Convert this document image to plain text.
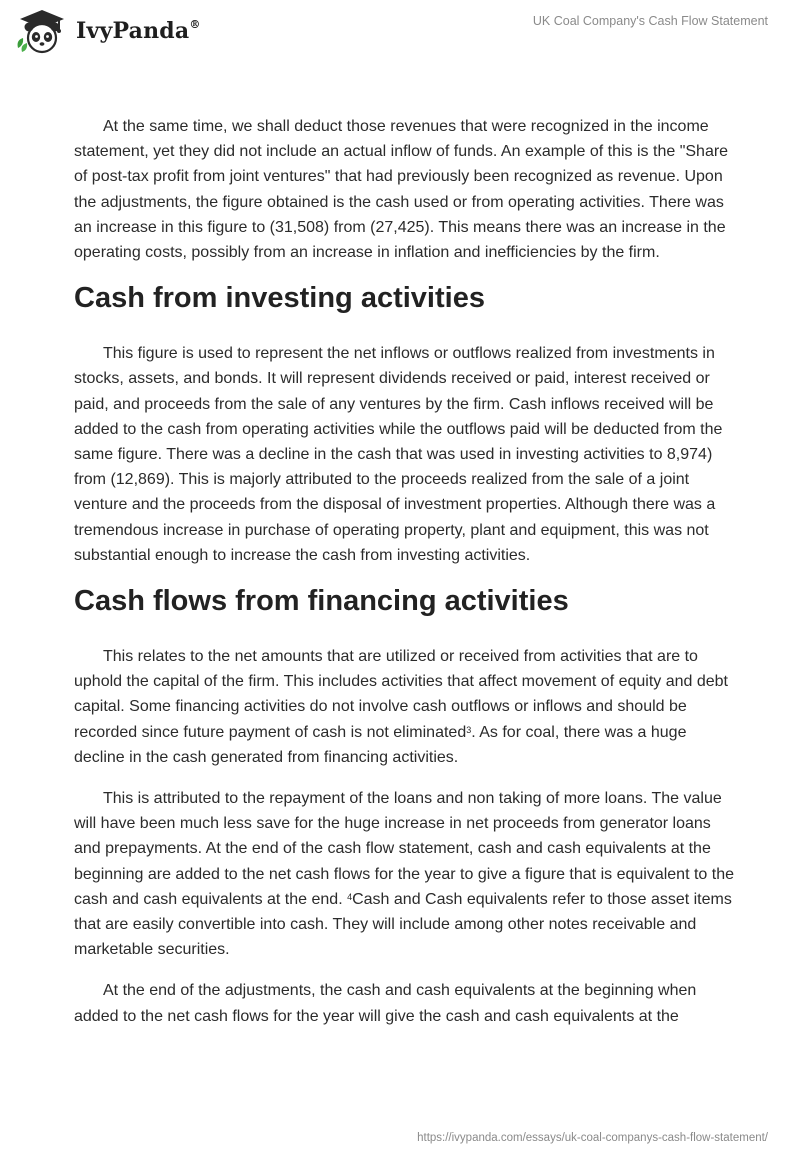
IvyPanda®	UK Coal Company's Cash Flow Statement

At the same time, we shall deduct those revenues that were recognized in the income statement, yet they did not include an actual inflow of funds. An example of this is the "Share of post-tax profit from joint ventures" that had previously been recognized as revenue. Upon the adjustments, the figure obtained is the cash used or from operating activities. There was an increase in this figure to (31,508) from (27,425). This means there was an increase in the operating costs, possibly from an increase in inflation and inefficiencies by the firm.

Cash from investing activities

This figure is used to represent the net inflows or outflows realized from investments in stocks, assets, and bonds. It will represent dividends received or paid, interest received or paid, and proceeds from the sale of any ventures by the firm. Cash inflows received will be added to the cash from operating activities while the outflows paid will be deducted from the same figure. There was a decline in the cash that was used in investing activities to 8,974) from (12,869). This is majorly attributed to the proceeds realized from the sale of a joint venture and the proceeds from the disposal of investment properties. Although there was a tremendous increase in purchase of operating property, plant and equipment, this was not substantial enough to increase the cash from investing activities.

Cash flows from financing activities

This relates to the net amounts that are utilized or received from activities that are to uphold the capital of the firm. This includes activities that affect movement of equity and debt capital. Some financing activities do not involve cash outflows or inflows and should be recorded since future payment of cash is not eliminated$^3$. As for coal, there was a huge decline in the cash generated from financing activities.

This is attributed to the repayment of the loans and non taking of more loans. The value will have been much less save for the huge increase in net proceeds from generator loans and prepayments. At the end of the cash flow statement, cash and cash equivalents at the beginning are added to the net cash flows for the year to give a figure that is equivalent to the cash and cash equivalents at the end. $^4$Cash and Cash equivalents refer to those asset items that are easily convertible into cash. They will include among other notes receivable and marketable securities.

At the end of the adjustments, the cash and cash equivalents at the beginning when added to the net cash flows for the year will give the cash and cash equivalents at the

https://ivypanda.com/essays/uk-coal-companys-cash-flow-statement/
